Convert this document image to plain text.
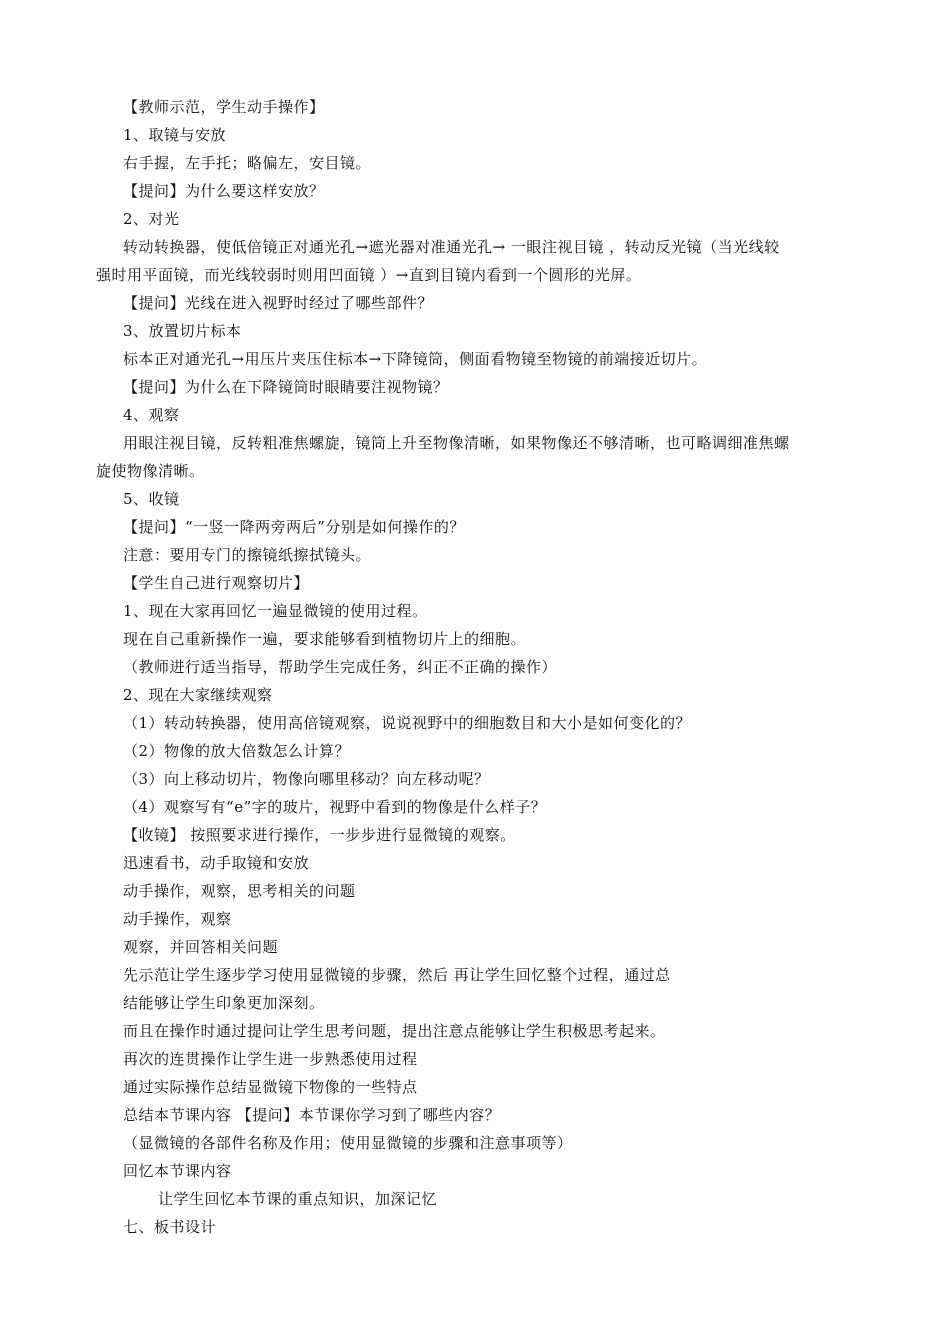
【教师示范，学生动手操作】
1、取镜与安放
右手握，左手托；略偏左，安目镜。
【提问】为什么要这样安放？
2、对光
转动转换器，使低倍镜正对通光孔→遮光器对准通光孔→ 一眼注视目镜 ，转动反光镜（当光线较
强时用平面镜，而光线较弱时则用凹面镜 ）→直到目镜内看到一个圆形的光屏。
【提问】光线在进入视野时经过了哪些部件？
3、放置切片标本
标本正对通光孔→用压片夹压住标本→下降镜筒，侧面看物镜至物镜的前端接近切片。
【提问】为什么在下降镜筒时眼睛要注视物镜？
4、观察
用眼注视目镜，反转粗准焦螺旋，镜筒上升至物像清晰，如果物像还不够清晰，也可略调细准焦螺
旋使物像清晰。
5、收镜
【提问】“一竖一降两旁两后”分别是如何操作的？
注意：要用专门的擦镜纸擦拭镜头。
【学生自己进行观察切片】
1、现在大家再回忆一遍显微镜的使用过程。
现在自己重新操作一遍，要求能够看到植物切片上的细胞。
（教师进行适当指导，帮助学生完成任务，纠正不正确的操作）
2、现在大家继续观察
（1）转动转换器，使用高倍镜观察，说说视野中的细胞数目和大小是如何变化的？
（2）物像的放大倍数怎么计算？
（3）向上移动切片，物像向哪里移动？向左移动呢？
（4）观察写有“e”字的玻片，视野中看到的物像是什么样子？
【收镜】 按照要求进行操作，一步步进行显微镜的观察。
迅速看书，动手取镜和安放
动手操作，观察，思考相关的问题
动手操作，观察
观察，并回答相关问题
先示范让学生逐步学习使用显微镜的步骤，然后 再让学生回忆整个过程，通过总
结能够让学生印象更加深刻。
而且在操作时通过提问让学生思考问题，提出注意点能够让学生积极思考起来。
再次的连贯操作让学生进一步熟悉使用过程
通过实际操作总结显微镜下物像的一些特点
总结本节课内容 【提问】本节课你学习到了哪些内容？
（显微镜的各部件名称及作用；使用显微镜的步骤和注意事项等）
回忆本节课内容
让学生回忆本节课的重点知识，加深记忆
七、板书设计
